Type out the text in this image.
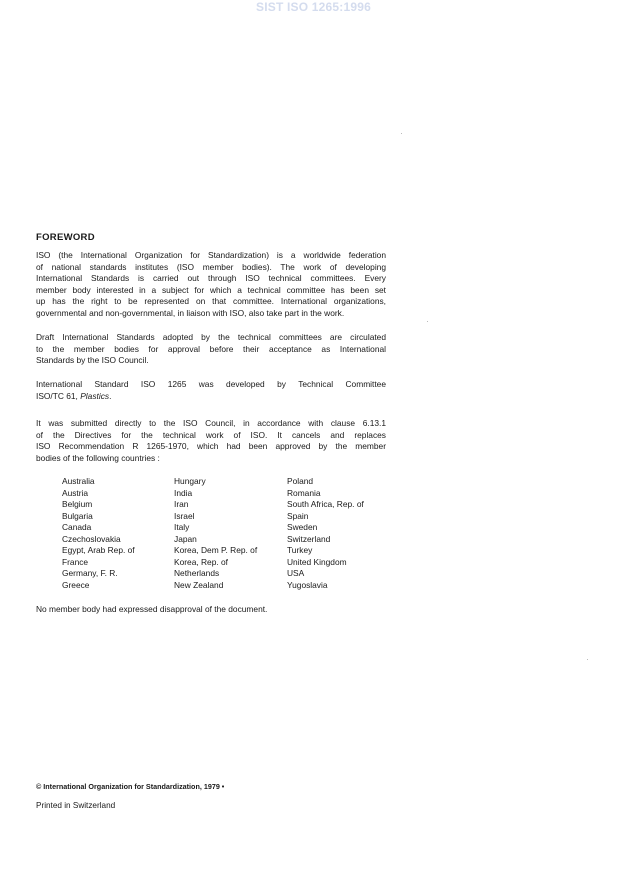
SIST ISO 1265:1996
FOREWORD
ISO (the International Organization for Standardization) is a worldwide federation
of national standards institutes (ISO member bodies). The work of developing
International Standards is carried out through ISO technical committees. Every
member body interested in a subject for which a technical committee has been set
up has the right to be represented on that committee. International organizations,
governmental and non-governmental, in liaison with ISO, also take part in the work.
Draft International Standards adopted by the technical committees are circulated
to the member bodies for approval before their acceptance as International
Standards by the ISO Council.
International Standard ISO 1265 was developed by Technical Committee
ISO/TC 61, Plastics.
It was submitted directly to the ISO Council, in accordance with clause 6.13.1
of the Directives for the technical work of ISO. It cancels and replaces
ISO Recommendation R 1265-1970, which had been approved by the member
bodies of the following countries :
Australia
Austria
Belgium
Bulgaria
Canada
Czechoslovakia
Egypt, Arab Rep. of
France
Germany, F. R.
Greece
Hungary
India
Iran
Israel
Italy
Japan
Korea, Dem P. Rep. of
Korea, Rep. of
Netherlands
New Zealand
Poland
Romania
South Africa, Rep. of
Spain
Sweden
Switzerland
Turkey
United Kingdom
USA
Yugoslavia
No member body had expressed disapproval of the document.
© International Organization for Standardization, 1979 •
Printed in Switzerland
